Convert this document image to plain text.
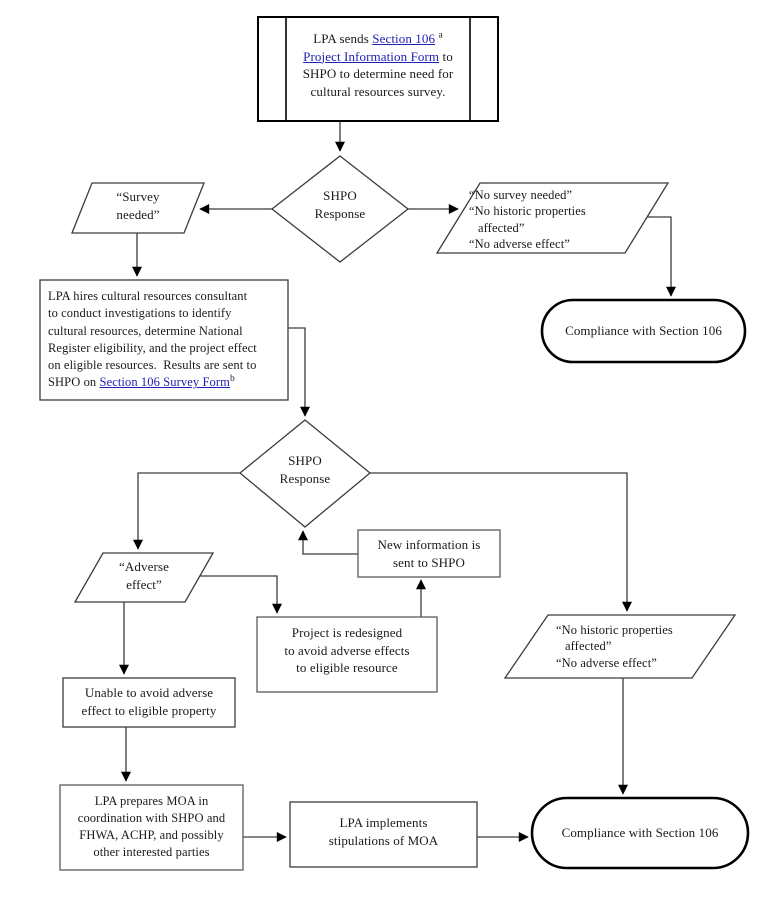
LPA sends Section 106 $^a$
Project Information Form to
SHPO to determine need for
cultural resources survey.
SHPO
Response
“Survey
needed”
“No survey needed”
“No historic properties
affected”
“No adverse effect”
Compliance with Section 106
LPA hires cultural resources consultant
to conduct investigations to identify
cultural resources, determine National
Register eligibility, and the project effect
on eligible resources.  Results are sent to
SHPO on Section 106 Survey Form$^b$
SHPO
Response
New information is
sent to SHPO
“Adverse
effect”
Project is redesigned
to avoid adverse effects
to eligible resource
“No historic properties
affected”
“No adverse effect”
Unable to avoid adverse
effect to eligible property
LPA prepares MOA in
coordination with SHPO and
FHWA, ACHP, and possibly
other interested parties
LPA implements
stipulations of MOA	Compliance with Section 106
